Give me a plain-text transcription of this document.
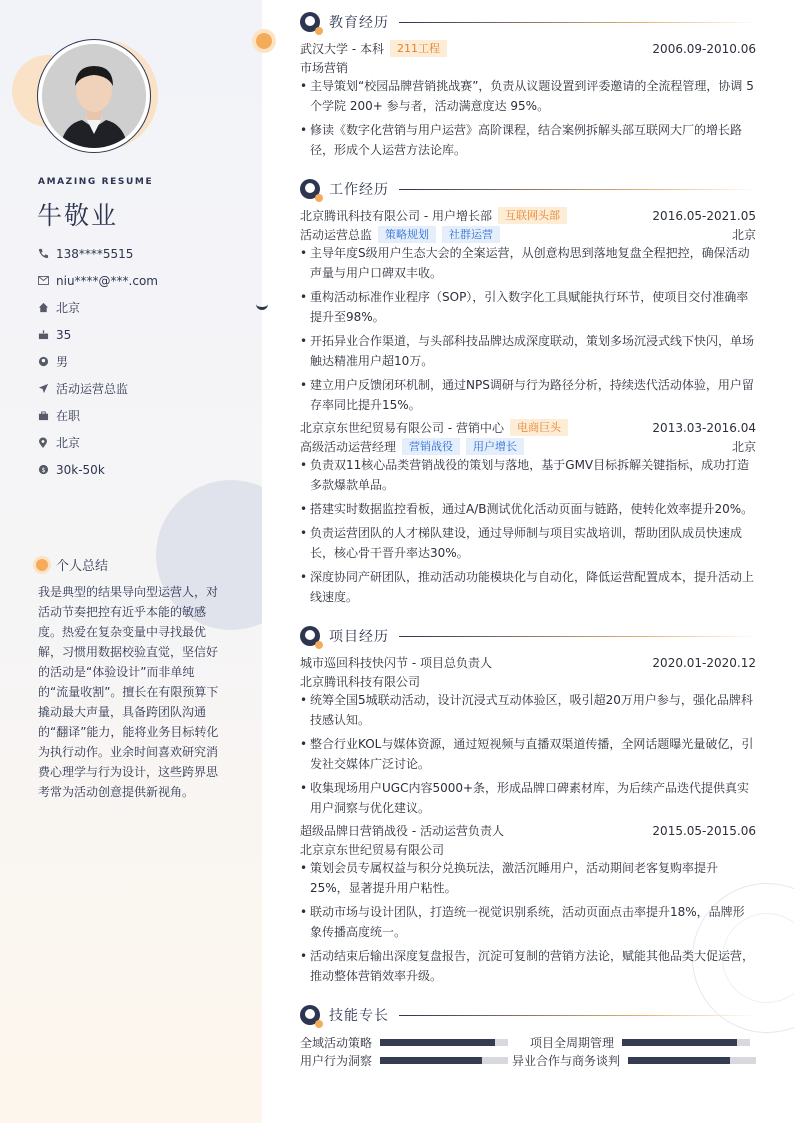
AMAZING RESUME
牛敬业
138****5515
niu****@***.com
北京
35
男
活动运营总监
在职
北京
$ 30k-50k
个人总结
我是典型的结果导向型运营人，对活动节奏把控有近乎本能的敏感度。热爱在复杂变量中寻找最优解，习惯用数据校验直觉，坚信好的活动是“体验设计”而非单纯的“流量收割”。擅长在有限预算下撬动最大声量，具备跨团队沟通的“翻译”能力，能将业务目标转化为执行动作。业余时间喜欢研究消费心理学与行为设计，这些跨界思考常为活动创意提供新视角。
教育经历
武汉大学 - 本科	211工程	2006.09-2010.06
市场营销
• 主导策划“校园品牌营销挑战赛”，负责从议题设置到评委邀请的全流程管理，协调 5 个学院 200+ 参与者，活动满意度达 95%。
• 修读《数字化营销与用户运营》高阶课程，结合案例拆解头部互联网大厂的增长路径，形成个人运营方法论库。
工作经历
北京腾讯科技有限公司 - 用户增长部	互联网头部	2016.05-2021.05
活动运营总监	策略规划	社群运营	北京
• 主导年度S级用户生态大会的全案运营，从创意构思到落地复盘全程把控，确保活动声量与用户口碑双丰收。
• 重构活动标准作业程序（SOP），引入数字化工具赋能执行环节，使项目交付准确率提升至98%。
• 开拓异业合作渠道，与头部科技品牌达成深度联动，策划多场沉浸式线下快闪，单场触达精准用户超10万。
• 建立用户反馈闭环机制，通过NPS调研与行为路径分析，持续迭代活动体验，用户留存率同比提升15%。
北京京东世纪贸易有限公司 - 营销中心	电商巨头	2013.03-2016.04
高级活动运营经理	营销战役	用户增长	北京
• 负责双11核心品类营销战役的策划与落地，基于GMV目标拆解关键指标，成功打造多款爆款单品。
• 搭建实时数据监控看板，通过A/B测试优化活动页面与链路，使转化效率提升20%。
• 负责运营团队的人才梯队建设，通过导师制与项目实战培训，帮助团队成员快速成长，核心骨干晋升率达30%。
• 深度协同产研团队，推动活动功能模块化与自动化，降低运营配置成本，提升活动上线速度。
项目经历
城市巡回科技快闪节 - 项目总负责人	2020.01-2020.12
北京腾讯科技有限公司
• 统筹全国5城联动活动，设计沉浸式互动体验区，吸引超20万用户参与，强化品牌科技感认知。
• 整合行业KOL与媒体资源，通过短视频与直播双渠道传播，全网话题曝光量破亿，引发社交媒体广泛讨论。
• 收集现场用户UGC内容5000+条，形成品牌口碑素材库，为后续产品迭代提供真实用户洞察与优化建议。
超级品牌日营销战役 - 活动运营负责人	2015.05-2015.06
北京京东世纪贸易有限公司
• 策划会员专属权益与积分兑换玩法，激活沉睡用户，活动期间老客复购率提升25%，显著提升用户粘性。
• 联动市场与设计团队，打造统一视觉识别系统，活动页面点击率提升18%，品牌形象传播高度统一。
• 活动结束后输出深度复盘报告，沉淀可复制的营销方法论，赋能其他品类大促运营，推动整体营销效率升级。
技能专长
全域活动策略	项目全周期管理
用户行为洞察	异业合作与商务谈判
